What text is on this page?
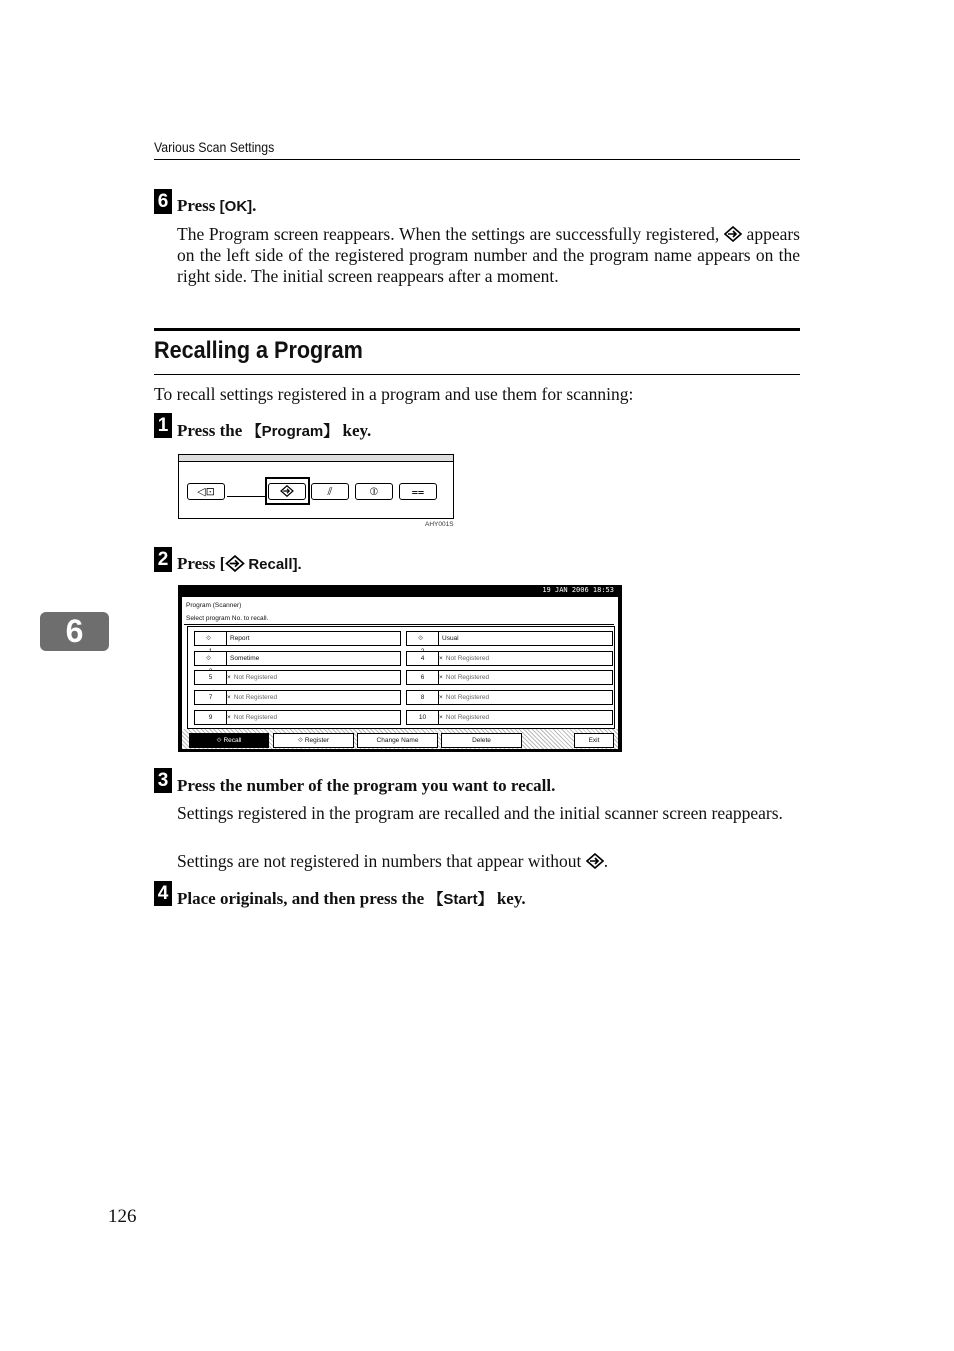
Various Scan Settings
6 Press [OK].
The Program screen reappears. When the settings are successfully registered, appears on the left side of the registered program number and the program name appears on the right side. The initial screen reappears after a moment.
Recalling a Program
To recall settings registered in a program and use them for scanning:
1 Press the 【Program】 key.
◁⊡	⫽	⦶	⩵
AHY001S
2 Press [ Recall].
19 JAN 2006 18:53
Program (Scanner)
Select program No. to recall.
⟐	Report	⟐	Usual
⟐	Sometime	4	× Not Registered
5	× Not Registered	6	× Not Registered
7	× Not Registered	8	× Not Registered
9	× Not Registered	10	× Not Registered
⟐ Recall	⟐ Register	Change Name	Delete	Exit
3 Press the number of the program you want to recall.
Settings registered in the program are recalled and the initial scanner screen reappears.
Settings are not registered in numbers that appear without .
4 Place originals, and then press the 【Start】 key.
6
126
